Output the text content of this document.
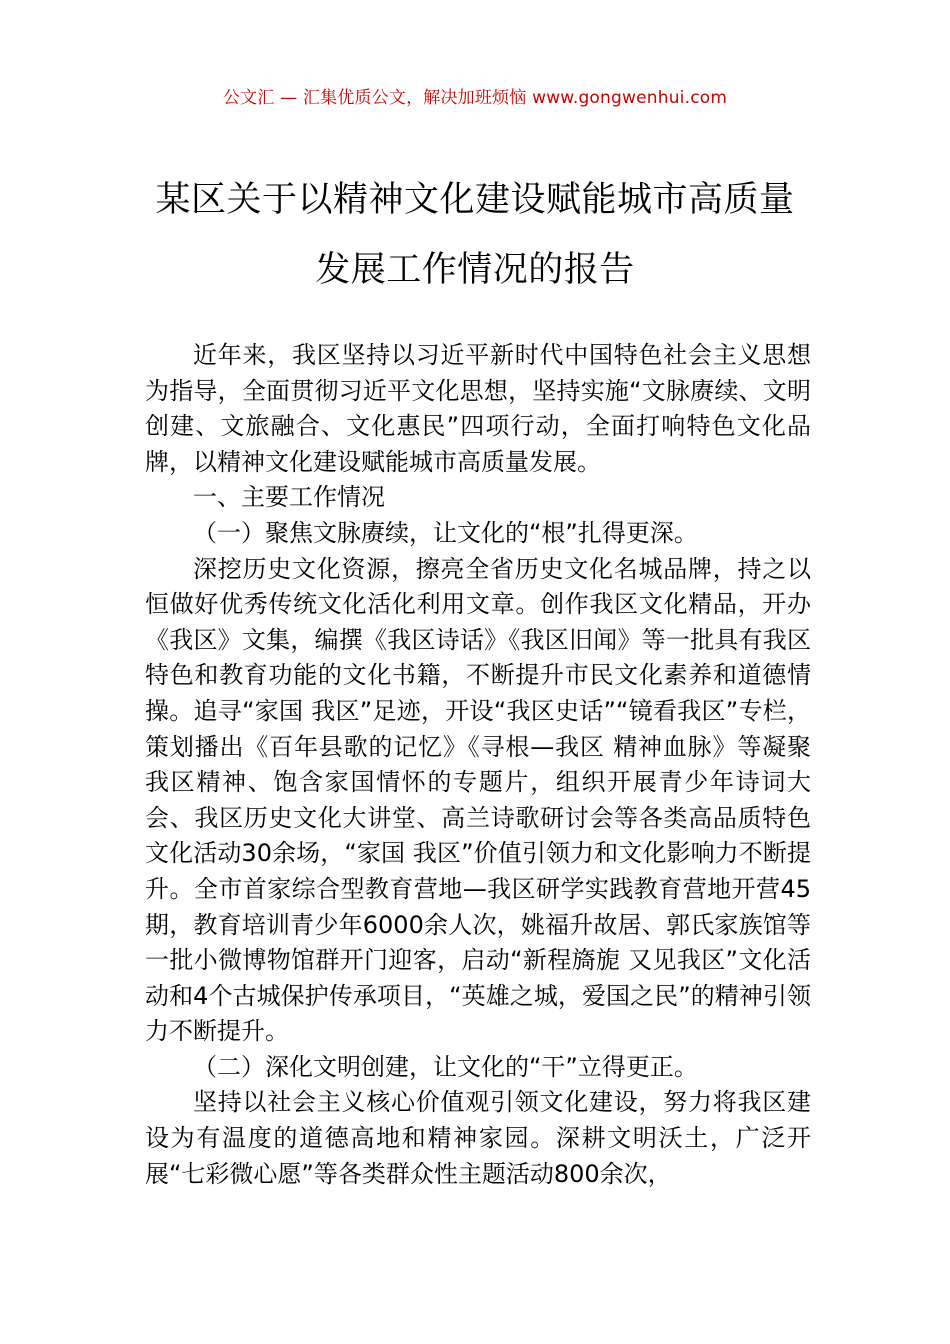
公文汇 — 汇集优质公文，解决加班烦恼 www.gongwenhui.com
某区关于以精神文化建设赋能城市高质量
发展工作情况的报告

近年来，我区坚持以习近平新时代中国特色社会主义思想为指导，全面贯彻习近平文化思想，坚持实施“文脉赓续、文明创建、文旅融合、文化惠民”四项行动，全面打响特色文化品牌，以精神文化建设赋能城市高质量发展。

一、主要工作情况

（一）聚焦文脉赓续，让文化的“根”扎得更深。

深挖历史文化资源，擦亮全省历史文化名城品牌，持之以恒做好优秀传统文化活化利用文章。创作我区文化精品，开办《我区》文集，编撰《我区诗话》《我区旧闻》等一批具有我区特色和教育功能的文化书籍，不断提升市民文化素养和道德情操。追寻“家国 我区”足迹，开设“我区史话”“镜看我区”专栏，策划播出《百年县歌的记忆》《寻根—我区 精神血脉》等凝聚我区精神、饱含家国情怀的专题片，组织开展青少年诗词大会、我区历史文化大讲堂、高兰诗歌研讨会等各类高品质特色文化活动30余场，“家国 我区”价值引领力和文化影响力不断提升。全市首家综合型教育营地—我区研学实践教育营地开营45期，教育培训青少年6000余人次，姚福升故居、郭氏家族馆等一批小微博物馆群开门迎客，启动“新程旖旎 又见我区”文化活动和4个古城保护传承项目，“英雄之城，爱国之民”的精神引领力不断提升。

（二）深化文明创建，让文化的“干”立得更正。

坚持以社会主义核心价值观引领文化建设，努力将我区建设为有温度的道德高地和精神家园。深耕文明沃土，广泛开展“七彩微心愿”等各类群众性主题活动800余次，
